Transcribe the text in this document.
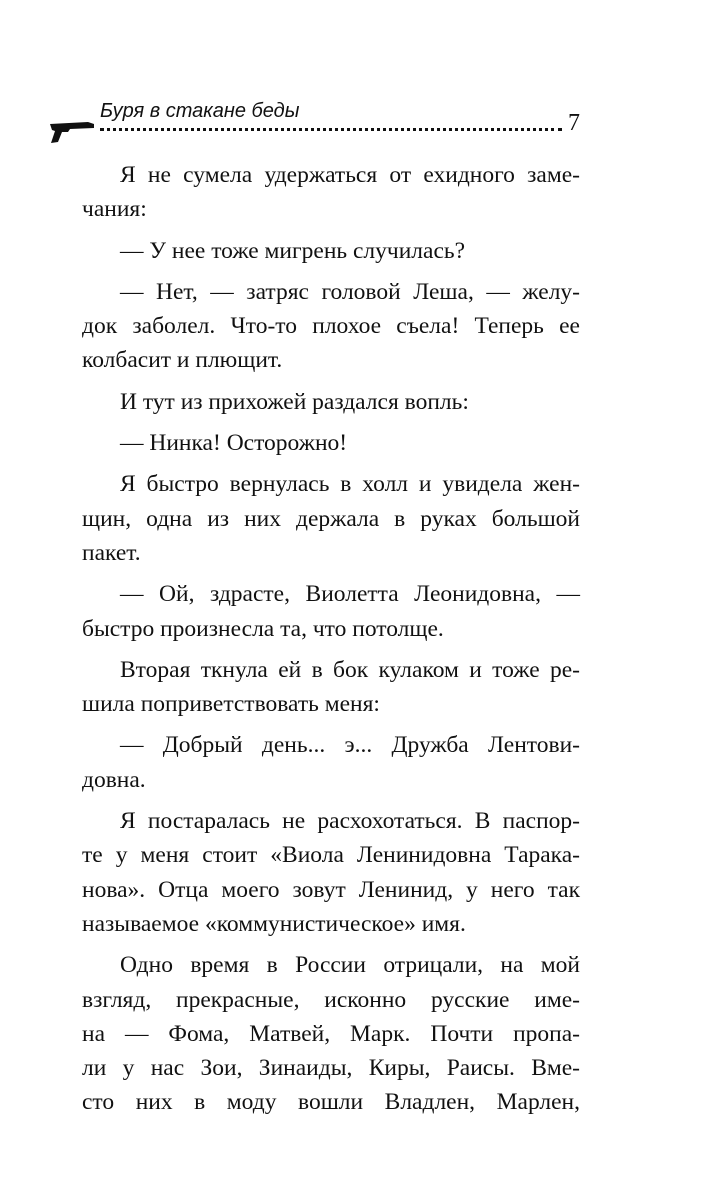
Буря в стакане беды	7

Я не сумела удержаться от ехидного заме-
чания:

— У нее тоже мигрень случилась?

— Нет, — затряс головой Леша, — желу-
док заболел. Что-то плохое съела! Теперь ее
колбасит и плющит.

И тут из прихожей раздался вопль:

— Нинка! Осторожно!

Я быстро вернулась в холл и увидела жен-
щин, одна из них держала в руках большой
пакет.

— Ой, здрасте, Виолетта Леонидовна, —
быстро произнесла та, что потолще.

Вторая ткнула ей в бок кулаком и тоже ре-
шила поприветствовать меня:

— Добрый день... э... Дружба Лентови-
довна.

Я постаралась не расхохотаться. В паспор-
те у меня стоит «Виола Ленинидовна Тарака-
нова». Отца моего зовут Ленинид, у него так
называемое «коммунистическое» имя.

Одно время в России отрицали, на мой
взгляд, прекрасные, исконно русские име-
на — Фома, Матвей, Марк. Почти пропа-
ли у нас Зои, Зинаиды, Киры, Раисы. Вме-
сто них в моду вошли Владлен, Марлен,
